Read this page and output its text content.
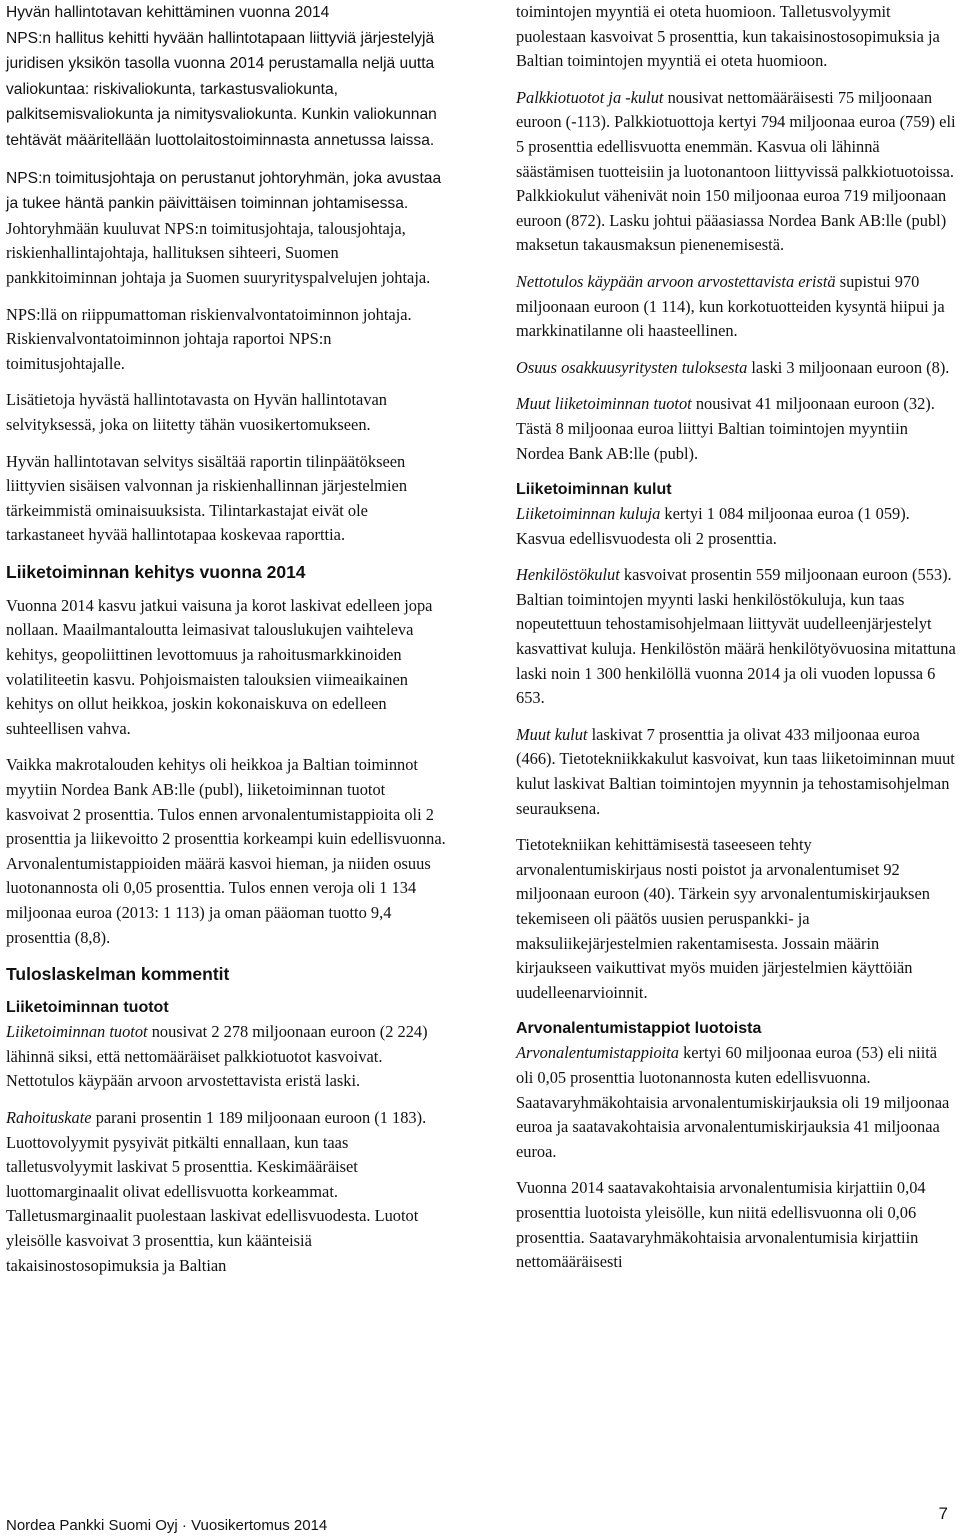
Hyvän hallintotavan kehittäminen vuonna 2014
NPS:n hallitus kehitti hyvään hallintotapaan liittyviä järjestelyjä juridisen yksikön tasolla vuonna 2014 perustamalla neljä uutta valiokuntaa: riskivaliokunta, tarkastusvaliokunta, palkitsemisvaliokunta ja nimitysvaliokunta. Kunkin valiokunnan tehtävät määritellään luottolaitostoiminnasta annetussa laissa.

NPS:n toimitusjohtaja on perustanut johtoryhmän, joka avustaa ja tukee häntä pankin päivittäisen toiminnan johtamisessa. Johtoryhmään kuuluvat NPS:n toimitusjohtaja, talousjohtaja, riskienhallintajohtaja, hallituksen sihteeri, Suomen pankkitoiminnan johtaja ja Suomen suuryrityspalvelujen johtaja.

NPS:llä on riippumattoman riskienvalvontatoiminnon johtaja. Riskienvalvontatoiminnon johtaja raportoi NPS:n toimitusjohtajalle.

Lisätietoja hyvästä hallintotavasta on Hyvän hallintotavan selvityksessä, joka on liitetty tähän vuosikertomukseen.

Hyvän hallintotavan selvitys sisältää raportin tilinpäätökseen liittyvien sisäisen valvonnan ja riskienhallinnan järjestelmien tärkeimmistä ominaisuuksista. Tilintarkastajat eivät ole tarkastaneet hyvää hallintotapaa koskevaa raporttia.

Liiketoiminnan kehitys vuonna 2014

Vuonna 2014 kasvu jatkui vaisuna ja korot laskivat edelleen jopa nollaan. Maailmantaloutta leimasivat talouslukujen vaihteleva kehitys, geopoliittinen levottomuus ja rahoitusmarkkinoiden volatiliteetin kasvu. Pohjoismaisten talouksien viimeaikainen kehitys on ollut heikkoa, joskin kokonaiskuva on edelleen suhteellisen vahva.

Vaikka makrotalouden kehitys oli heikkoa ja Baltian toiminnot myytiin Nordea Bank AB:lle (publ), liiketoiminnan tuotot kasvoivat 2 prosenttia. Tulos ennen arvonalentumistappioita oli 2 prosenttia ja liikevoitto 2 prosenttia korkeampi kuin edellisvuonna. Arvonalentumistappioiden määrä kasvoi hieman, ja niiden osuus luotonannosta oli 0,05 prosenttia. Tulos ennen veroja oli 1 134 miljoonaa euroa (2013: 1 113) ja oman pääoman tuotto 9,4 prosenttia (8,8).

Tuloslaskelman kommentit
Liiketoiminnan tuotot

Liiketoiminnan tuotot nousivat 2 278 miljoonaan euroon (2 224) lähinnä siksi, että nettomääräiset palkkiotuotot kasvoivat. Nettotulos käypään arvoon arvostettavista eristä laski.

Rahoituskate parani prosentin 1 189 miljoonaan euroon (1 183). Luottovolyymit pysyivät pitkälti ennallaan, kun taas talletusvolyymit laskivat 5 prosenttia. Keskimääräiset luottomarginaalit olivat edellisvuotta korkeammat. Talletusmarginaalit puolestaan laskivat edellisvuodesta. Luotot yleisölle kasvoivat 3 prosenttia, kun käänteisiä takaisinostosopimuksia ja Baltian

toimintojen myyntiä ei oteta huomioon. Talletusvolyymit puolestaan kasvoivat 5 prosenttia, kun takaisinostosopimuksia ja Baltian toimintojen myyntiä ei oteta huomioon.

Palkkiotuotot ja -kulut nousivat nettomääräisesti 75 miljoonaan euroon (-113). Palkkiotuottoja kertyi 794 miljoonaa euroa (759) eli 5 prosenttia edellisvuotta enemmän. Kasvua oli lähinnä säästämisen tuotteisiin ja luotonantoon liittyvissä palkkiotuotoissa. Palkkiokulut vähenivät noin 150 miljoonaa euroa 719 miljoonaan euroon (872). Lasku johtui pääasiassa Nordea Bank AB:lle (publ) maksetun takausmaksun pienenemisestä.

Nettotulos käypään arvoon arvostettavista eristä supistui 970 miljoonaan euroon (1 114), kun korkotuotteiden kysyntä hiipui ja markkinatilanne oli haasteellinen.

Osuus osakkuusyritysten tuloksesta laski 3 miljoonaan euroon (8).

Muut liiketoiminnan tuotot nousivat 41 miljoonaan euroon (32). Tästä 8 miljoonaa euroa liittyi Baltian toimintojen myyntiin Nordea Bank AB:lle (publ).

Liiketoiminnan kulut

Liiketoiminnan kuluja kertyi 1 084 miljoonaa euroa (1 059). Kasvua edellisvuodesta oli 2 prosenttia.

Henkilöstökulut kasvoivat prosentin 559 miljoonaan euroon (553). Baltian toimintojen myynti laski henkilöstökuluja, kun taas nopeutettuun tehostamisohjelmaan liittyvät uudelleenjärjestelyt kasvattivat kuluja. Henkilöstön määrä henkilötyövuosina mitattuna laski noin 1 300 henkilöllä vuonna 2014 ja oli vuoden lopussa 6 653.

Muut kulut laskivat 7 prosenttia ja olivat 433 miljoonaa euroa (466). Tietotekniikkakulut kasvoivat, kun taas liiketoiminnan muut kulut laskivat Baltian toimintojen myynnin ja tehostamisohjelman seurauksena.

Tietotekniikan kehittämisestä taseeseen tehty arvonalentumiskirjaus nosti poistot ja arvonalentumiset 92 miljoonaan euroon (40). Tärkein syy arvonalentumiskirjauksen tekemiseen oli päätös uusien peruspankki- ja maksuliikejärjestelmien rakentamisesta. Jossain määrin kirjaukseen vaikuttivat myös muiden järjestelmien käyttöiän uudelleenarvioinnit.

Arvonalentumistappiot luotoista

Arvonalentumistappioita kertyi 60 miljoonaa euroa (53) eli niitä oli 0,05 prosenttia luotonannosta kuten edellisvuonna. Saatavaryhmäkohtaisia arvonalentumiskirjauksia oli 19 miljoonaa euroa ja saatavakohtaisia arvonalentumiskirjauksia 41 miljoonaa euroa.

Vuonna 2014 saatavakohtaisia arvonalentumisia kirjattiin 0,04 prosenttia luotoista yleisölle, kun niitä edellisvuonna oli 0,06 prosenttia. Saatavaryhmäkohtaisia arvonalentumisia kirjattiin nettomääräisesti

Nordea Pankki Suomi Oyj · Vuosikertomus 2014
7
